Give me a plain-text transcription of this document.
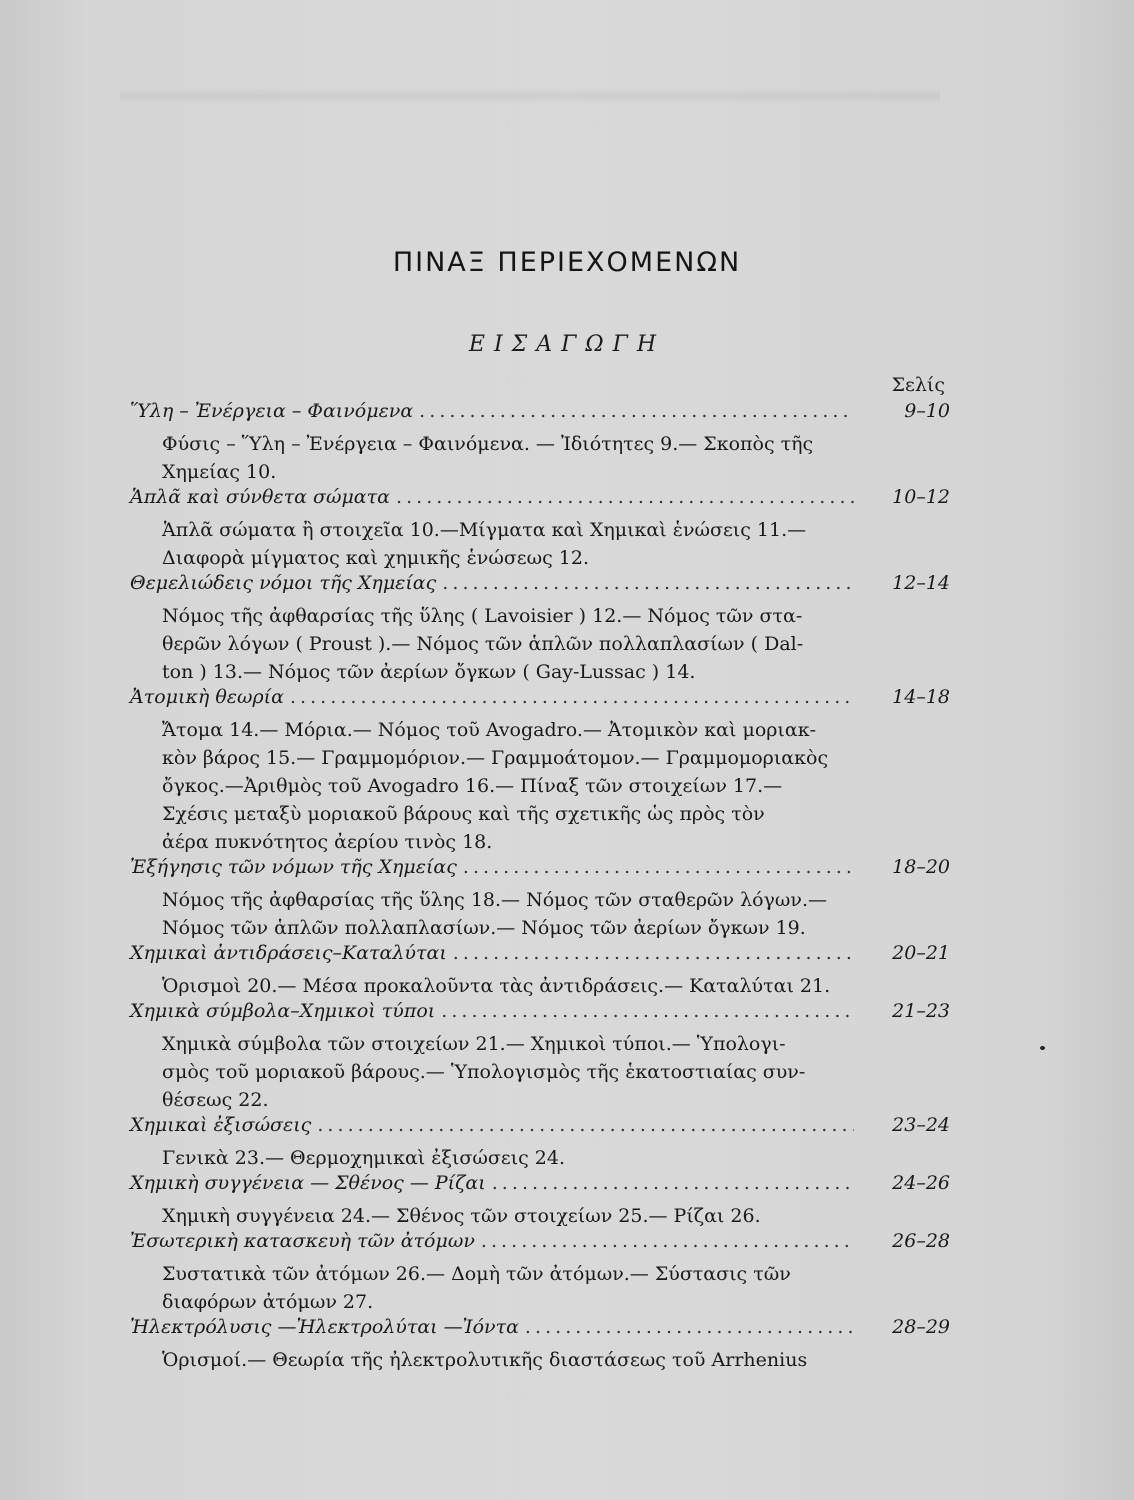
ΠΙΝΑΞ ΠΕΡΙΕΧΟΜΕΝΩΝ
ΕΙΣΑΓΩΓΗ
Σελίς
Ὕλη – Ἐνέργεια – Φαινόμενα . . .	9–10
Φύσις – Ὕλη – Ἐνέργεια – Φαινόμενα. — Ἰδιότητες 9.— Σκοπὸς τῆς
Χημείας 10.
Ἁπλᾶ καὶ σύνθετα σώματα . . .	10–12
Ἁπλᾶ σώματα ἢ στοιχεῖα 10.—Μίγματα καὶ Χημικαὶ ἑνώσεις 11.—
Διαφορὰ μίγματος καὶ χημικῆς ἑνώσεως 12.
Θεμελιώδεις νόμοι τῆς Χημείας . . .	12–14
Νόμος τῆς ἀφθαρσίας τῆς ὕλης ( Lavoisier ) 12.— Νόμος τῶν στα-
θερῶν λόγων ( Proust ).— Νόμος τῶν ἁπλῶν πολλαπλασίων ( Dal-
ton ) 13.— Νόμος τῶν ἀερίων ὄγκων ( Gay-Lussac ) 14.
Ἀτομικὴ θεωρία . . .	14–18
Ἄτομα 14.— Μόρια.— Νόμος τοῦ Avogadro.— Ἀτομικὸν καὶ μοριακ-
κὸν βάρος 15.— Γραμμομόριον.— Γραμμοάτομον.— Γραμμομοριακὸς
ὄγκος.—Ἀριθμὸς τοῦ Avogadro 16.— Πίναξ τῶν στοιχείων 17.—
Σχέσις μεταξὺ μοριακοῦ βάρους καὶ τῆς σχετικῆς ὡς πρὸς τὸν
ἀέρα πυκνότητος ἀερίου τινὸς 18.
Ἐξήγησις τῶν νόμων τῆς Χημείας . . .	18–20
Νόμος τῆς ἀφθαρσίας τῆς ὕλης 18.— Νόμος τῶν σταθερῶν λόγων.—
Νόμος τῶν ἁπλῶν πολλαπλασίων.— Νόμος τῶν ἀερίων ὄγκων 19.
Χημικαὶ ἀντιδράσεις–Καταλύται . . .	20–21
Ὁρισμοὶ 20.— Μέσα προκαλοῦντα τὰς ἀντιδράσεις.— Καταλύται 21.
Χημικὰ σύμβολα–Χημικοὶ τύποι . . .	21–23
Χημικὰ σύμβολα τῶν στοιχείων 21.— Χημικοὶ τύποι.— Ὑπολογι-
σμὸς τοῦ μοριακοῦ βάρους.— Ὑπολογισμὸς τῆς ἑκατοστιαίας συν-
θέσεως 22.
Χημικαὶ ἐξισώσεις . . .	23–24
Γενικὰ 23.— Θερμοχημικαὶ ἐξισώσεις 24.
Χημικὴ συγγένεια — Σθένος — Ρίζαι . . .	24–26
Χημικὴ συγγένεια 24.— Σθένος τῶν στοιχείων 25.— Ρίζαι 26.
Ἐσωτερικὴ κατασκευὴ τῶν ἀτόμων . . .	26–28
Συστατικὰ τῶν ἀτόμων 26.— Δομὴ τῶν ἀτόμων.— Σύστασις τῶν
διαφόρων ἀτόμων 27.
Ἠλεκτρόλυσις —Ἠλεκτρολύται —Ἰόντα . . .	28–29
Ὁρισμοί.— Θεωρία τῆς ἠλεκτρολυτικῆς διαστάσεως τοῦ Arrhenius
